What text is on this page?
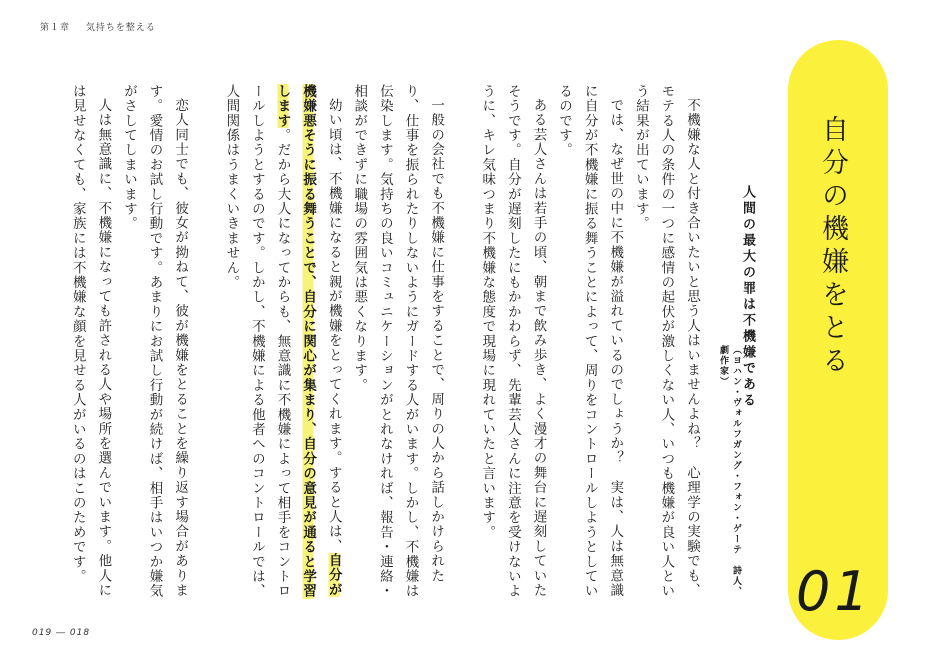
第１章 気持ちを整える

不機嫌な人と付き合いたいと思う人はいませんよね？　心理学の実験でも、モテる人の条件の一つに感情の起伏が激しくない人、いつも機嫌が良い人という結果が出ています。

では、なぜ世の中に不機嫌が溢れているのでしょうか？　実は、人は無意識に自分が不機嫌に振る舞うことによって、周りをコントロールしようとしているのです。

ある芸人さんは若手の頃、朝まで飲み歩き、よく漫才の舞台に遅刻していたそうです。自分が遅刻したにもかかわらず、先輩芸人さんに注意を受けないように、キレ気味つまり不機嫌な態度で現場に現れていたと言います。

一般の会社でも不機嫌に仕事をすることで、周りの人から話しかけられたり、仕事を振られたりしないようにガードする人がいます。しかし、不機嫌は伝染します。気持ちの良いコミュニケーションがとれなければ、報告・連絡・相談ができずに職場の雰囲気は悪くなります。

幼い頃は、不機嫌になると親が機嫌をとってくれます。すると人は、自分が機嫌悪そうに振る舞うことで、自分に関心が集まり、自分の意見が通ると学習します。だから大人になってからも、無意識に不機嫌によって相手をコントロールしようとするのです。しかし、不機嫌による他者へのコントロールでは、人間関係はうまくいきません。

恋人同士でも、彼女が拗ねて、彼が機嫌をとることを繰り返す場合があります。愛情のお試し行動です。あまりにお試し行動が続けば、相手はいつか嫌気がさしてしまいます。

人は無意識に、不機嫌になっても許される人や場所を選んでいます。他人には見せなくても、家族には不機嫌な顔を見せる人がいるのはこのためです。	（ヨハン・ヴォルフガング・フォン・ゲーテ　詩人、劇作家） 人間の最大の罪は不機嫌である 自分の機嫌をとる
01
019 ― 018
